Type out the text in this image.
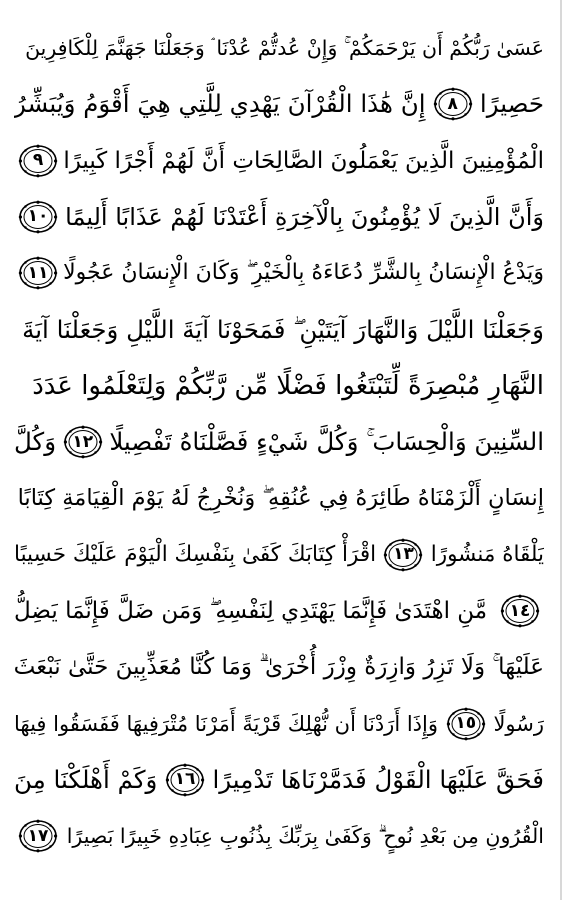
عَسَىٰ رَبُّكُمْ أَن يَرْحَمَكُمْ ۚ وَإِنْ عُدتُّمْ عُدْنَا ۘ وَجَعَلْنَا جَهَنَّمَ لِلْكَافِرِينَ
حَصِيرًا
٨
إِنَّ هَٰذَا الْقُرْآنَ يَهْدِي لِلَّتِي هِيَ أَقْوَمُ وَيُبَشِّرُ
الْمُؤْمِنِينَ الَّذِينَ يَعْمَلُونَ الصَّالِحَاتِ أَنَّ لَهُمْ أَجْرًا كَبِيرًا
٩
وَأَنَّ الَّذِينَ لَا يُؤْمِنُونَ بِالْآخِرَةِ أَعْتَدْنَا لَهُمْ عَذَابًا أَلِيمًا
١٠
وَيَدْعُ الْإِنسَانُ بِالشَّرِّ دُعَاءَهُ بِالْخَيْرِ ۖ وَكَانَ الْإِنسَانُ عَجُولًا
١١
وَجَعَلْنَا اللَّيْلَ وَالنَّهَارَ آيَتَيْنِ ۖ فَمَحَوْنَا آيَةَ اللَّيْلِ وَجَعَلْنَا آيَةَ
النَّهَارِ مُبْصِرَةً لِّتَبْتَغُوا فَضْلًا مِّن رَّبِّكُمْ وَلِتَعْلَمُوا عَدَدَ
السِّنِينَ وَالْحِسَابَ ۚ وَكُلَّ شَيْءٍ فَصَّلْنَاهُ تَفْصِيلًا
١٢
وَكُلَّ
إِنسَانٍ أَلْزَمْنَاهُ طَائِرَهُ فِي عُنُقِهِ ۖ وَنُخْرِجُ لَهُ يَوْمَ الْقِيَامَةِ كِتَابًا
يَلْقَاهُ مَنشُورًا
١٣
اقْرَأْ كِتَابَكَ كَفَىٰ بِنَفْسِكَ الْيَوْمَ عَلَيْكَ حَسِيبًا
١٤
مَّنِ اهْتَدَىٰ فَإِنَّمَا يَهْتَدِي لِنَفْسِهِ ۖ وَمَن ضَلَّ فَإِنَّمَا يَضِلُّ
عَلَيْهَا ۚ وَلَا تَزِرُ وَازِرَةٌ وِزْرَ أُخْرَىٰ ۗ وَمَا كُنَّا مُعَذِّبِينَ حَتَّىٰ نَبْعَثَ
رَسُولًا
١٥
وَإِذَا أَرَدْنَا أَن نُّهْلِكَ قَرْيَةً أَمَرْنَا مُتْرَفِيهَا فَفَسَقُوا فِيهَا
فَحَقَّ عَلَيْهَا الْقَوْلُ فَدَمَّرْنَاهَا تَدْمِيرًا
١٦
وَكَمْ أَهْلَكْنَا مِنَ
الْقُرُونِ مِن بَعْدِ نُوحٍ ۗ وَكَفَىٰ بِرَبِّكَ بِذُنُوبِ عِبَادِهِ خَبِيرًا بَصِيرًا
١٧
